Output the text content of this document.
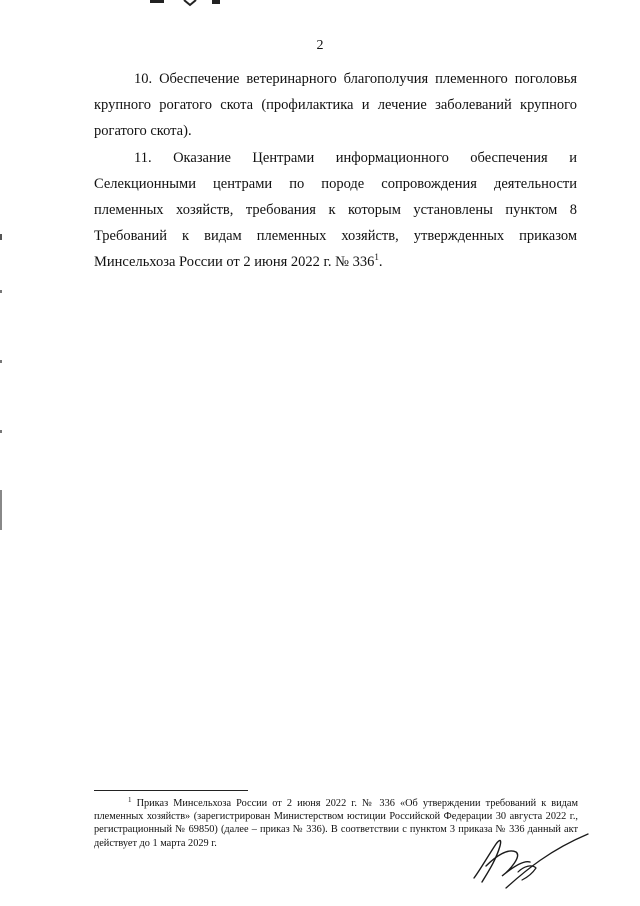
2

10. Обеспечение ветеринарного благополучия племенного поголовья крупного рогатого скота (профилактика и лечение заболеваний крупного рогатого скота).

11. Оказание Центрами информационного обеспечения и Селекционными центрами по породе сопровождения деятельности племенных хозяйств, требования к которым установлены пунктом 8 Требований к видам племенных хозяйств, утвержденных приказом Минсельхоза России от 2 июня 2022 г. № $336^1$.

$^1$ Приказ Минсельхоза России от 2 июня 2022 г. № 336 «Об утверждении требований к видам племенных хозяйств» (зарегистрирован Министерством юстиции Российской Федерации 30 августа 2022 г., регистрационный № 69850) (далее – приказ № 336). В соответствии с пунктом 3 приказа № 336 данный акт действует до 1 марта 2029 г.
